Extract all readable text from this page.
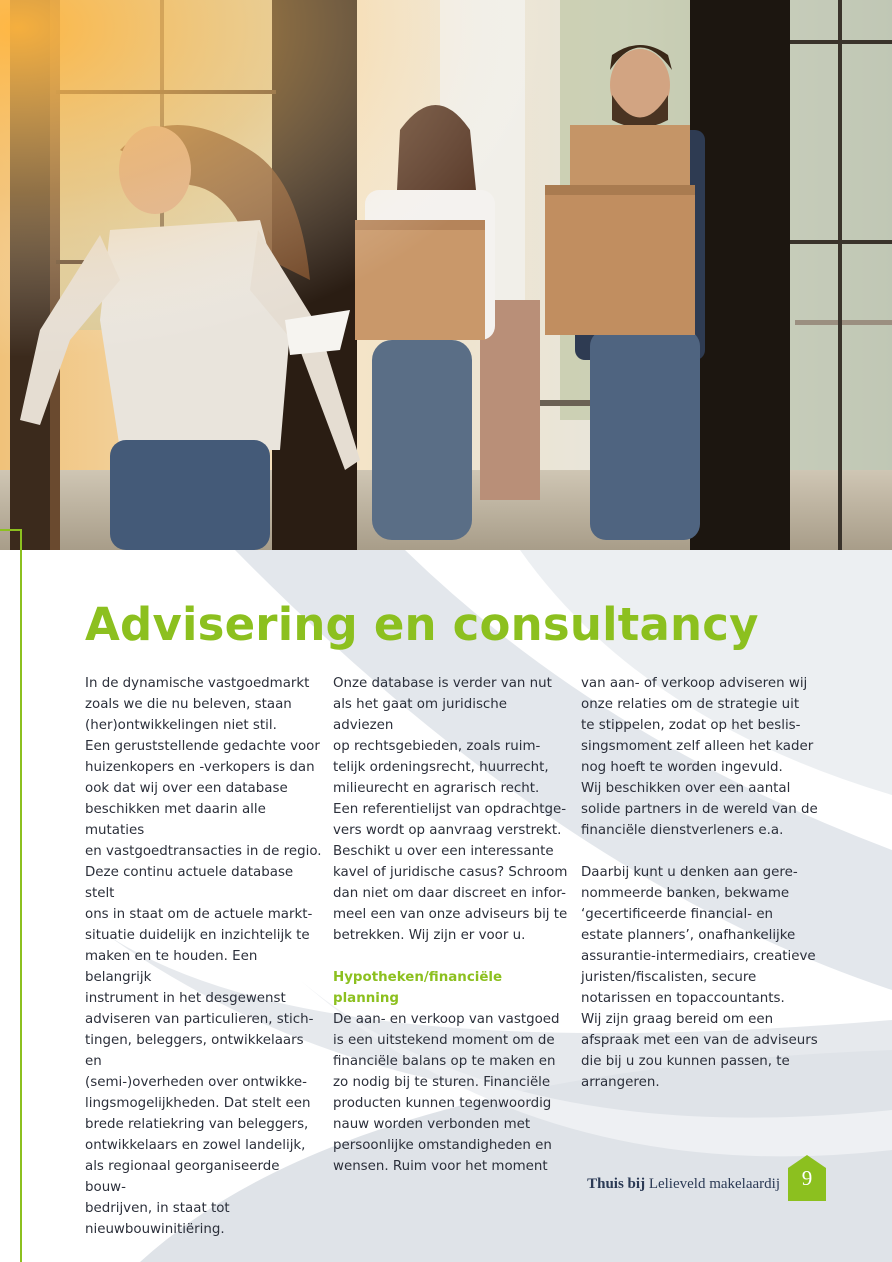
Advisering en consultancy
In de dynamische vastgoedmarkt
zoals we die nu beleven, staan
(her)ontwikkelingen niet stil.
Een geruststellende gedachte voor
huizenkopers en -verkopers is dan
ook dat wij over een database
beschikken met daarin alle mutaties
en vastgoedtransacties in de regio.
Deze continu actuele database stelt
ons in staat om de actuele markt-
situatie duidelijk en inzichtelijk te
maken en te houden. Een belangrijk
instrument in het desgewenst
adviseren van particulieren, stich-
tingen, beleggers, ontwikkelaars en
(semi-)overheden over ontwikke-
lingsmogelijkheden. Dat stelt een
brede relatiekring van beleggers,
ontwikkelaars en zowel landelijk,
als regionaal georganiseerde bouw-
bedrijven, in staat tot
nieuwbouwinitiëring.
Onze database is verder van nut
als het gaat om juridische adviezen
op rechtsgebieden, zoals ruim-
telijk ordeningsrecht, huurrecht,
milieurecht en agrarisch recht.
Een referentielijst van opdrachtge-
vers wordt op aanvraag verstrekt.
Beschikt u over een interessante
kavel of juridische casus? Schroom
dan niet om daar discreet en infor-
meel een van onze adviseurs bij te
betrekken. Wij zijn er voor u.
Hypotheken/financiële planning
De aan- en verkoop van vastgoed
is een uitstekend moment om de
financiële balans op te maken en
zo nodig bij te sturen. Financiële
producten kunnen tegenwoordig
nauw worden verbonden met
persoonlijke omstandigheden en
wensen. Ruim voor het moment
van aan- of verkoop adviseren wij
onze relaties om de strategie uit
te stippelen, zodat op het beslis-
singsmoment zelf alleen het kader
nog hoeft te worden ingevuld.
Wij beschikken over een aantal
solide partners in de wereld van de
financiële dienstverleners e.a.
Daarbij kunt u denken aan gere-
nommeerde banken, bekwame
‘gecertificeerde financial- en
estate planners’, onafhankelijke
assurantie-intermediairs, creatieve
juristen/fiscalisten, secure
notarissen en topaccountants.
Wij zijn graag bereid om een
afspraak met een van de adviseurs
die bij u zou kunnen passen, te
arrangeren.
Thuis bij Lelieveld makelaardij	9
